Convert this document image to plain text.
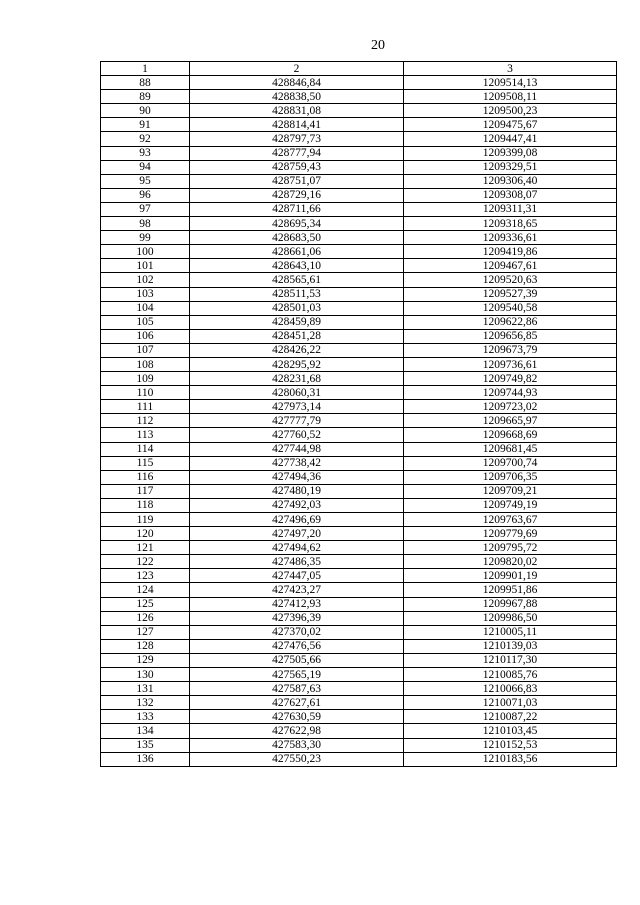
20
1	2	3
88	428846,84	1209514,13
89	428838,50	1209508,11
90	428831,08	1209500,23
91	428814,41	1209475,67
92	428797,73	1209447,41
93	428777,94	1209399,08
94	428759,43	1209329,51
95	428751,07	1209306,40
96	428729,16	1209308,07
97	428711,66	1209311,31
98	428695,34	1209318,65
99	428683,50	1209336,61
100	428661,06	1209419,86
101	428643,10	1209467,61
102	428565,61	1209520,63
103	428511,53	1209527,39
104	428501,03	1209540,58
105	428459,89	1209622,86
106	428451,28	1209656,85
107	428426,22	1209673,79
108	428295,92	1209736,61
109	428231,68	1209749,82
110	428060,31	1209744,93
111	427973,14	1209723,02
112	427777,79	1209665,97
113	427760,52	1209668,69
114	427744,98	1209681,45
115	427738,42	1209700,74
116	427494,36	1209706,35
117	427480,19	1209709,21
118	427492,03	1209749,19
119	427496,69	1209763,67
120	427497,20	1209779,69
121	427494,62	1209795,72
122	427486,35	1209820,02
123	427447,05	1209901,19
124	427423,27	1209951,86
125	427412,93	1209967,88
126	427396,39	1209986,50
127	427370,02	1210005,11
128	427476,56	1210139,03
129	427505,66	1210117,30
130	427565,19	1210085,76
131	427587,63	1210066,83
132	427627,61	1210071,03
133	427630,59	1210087,22
134	427622,98	1210103,45
135	427583,30	1210152,53
136	427550,23	1210183,56
